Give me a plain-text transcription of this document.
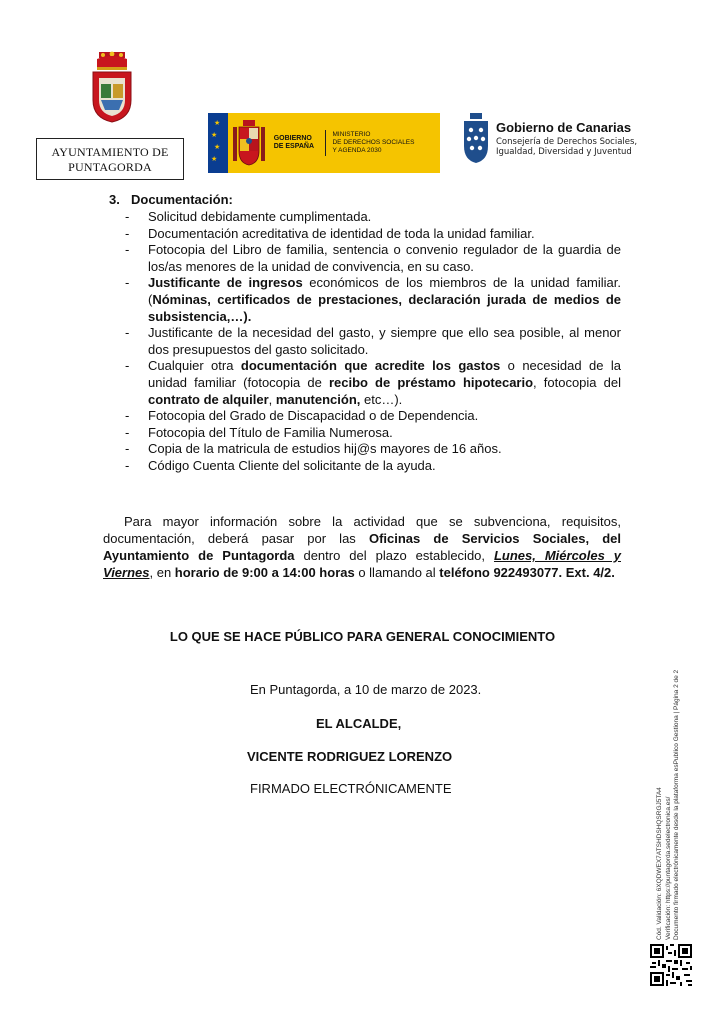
AYUNTAMIENTO DE
PUNTAGORDA
★
★
★
★
GOBIERNO
DE ESPAÑA
MINISTERIO
DE DERECHOS SOCIALES
Y AGENDA 2030
Gobierno de Canarias
Consejería de Derechos Sociales,
Igualdad, Diversidad y Juventud
3. Documentación:
- Solicitud debidamente cumplimentada.
- Documentación acreditativa de identidad de toda la unidad familiar.
- Fotocopia del Libro de familia, sentencia o convenio regulador de la guardia de los/as menores de la unidad de convivencia, en su caso.
- Justificante de ingresos económicos de los miembros de la unidad familiar. (Nóminas, certificados de prestaciones, declaración jurada de medios de subsistencia,…).
- Justificante de la necesidad del gasto, y siempre que ello sea posible, al menor dos presupuestos del gasto solicitado.
- Cualquier otra documentación que acredite los gastos o necesidad de la unidad familiar (fotocopia de recibo de préstamo hipotecario, fotocopia del contrato de alquiler, manutención, etc…).
- Fotocopia del Grado de Discapacidad o de Dependencia.
- Fotocopia del Título de Familia Numerosa.
- Copia de la matricula de estudios hij@s mayores de 16 años.
- Código Cuenta Cliente del solicitante de la ayuda.
Para mayor información sobre la actividad que se subvenciona, requisitos, documentación, deberá pasar por las Oficinas de Servicios Sociales, del Ayuntamiento de Puntagorda dentro del plazo establecido, Lunes, Miércoles y Viernes, en horario de 9:00 a 14:00 horas o llamando al teléfono 922493077. Ext. 4/2.
LO QUE SE HACE PÚBLICO PARA GENERAL CONOCIMIENTO
En Puntagorda, a 10 de marzo de 2023.
EL ALCALDE,
VICENTE RODRIGUEZ LORENZO
FIRMADO ELECTRÓNICAMENTE	Cód. Validación: 6XQDWEX7ATSHDSHQSRGJ5TA4 Verificación: https://puntagorda.sedelectronica.es/ Documento firmado electrónicamente desde la plataforma esPublico Gestiona | Página 2 de 2
